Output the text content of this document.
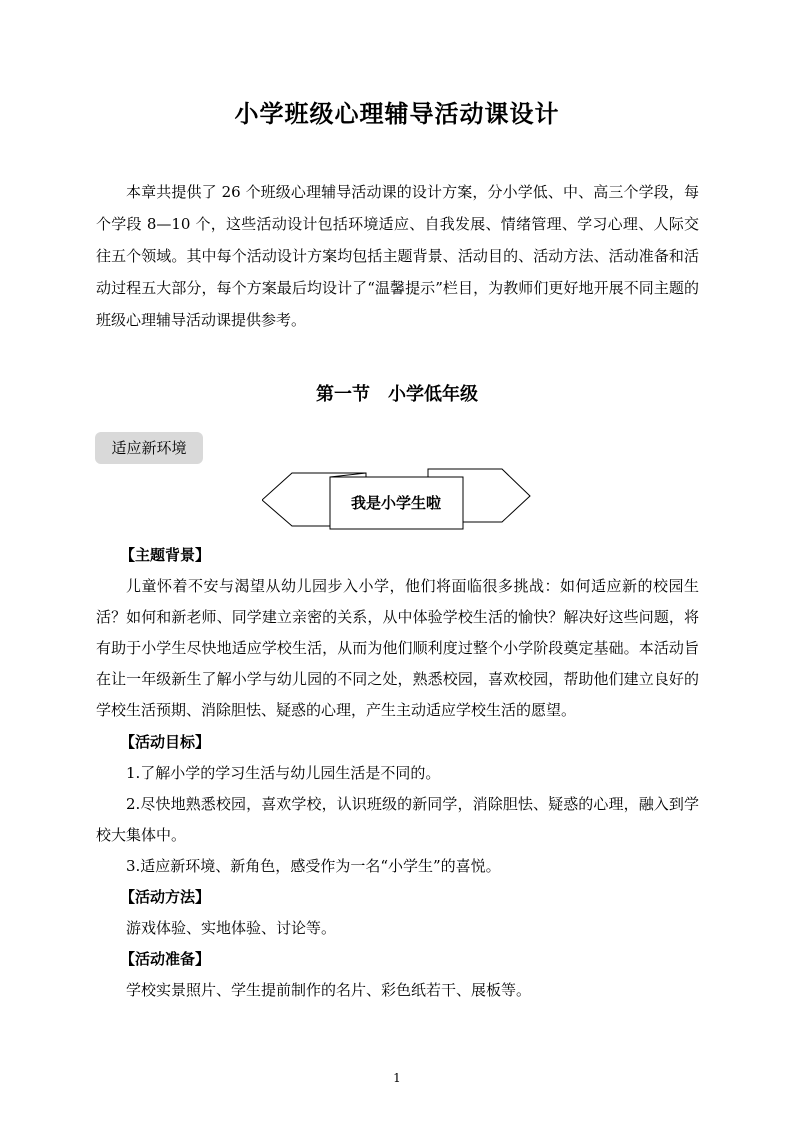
小学班级心理辅导活动课设计

本章共提供了 26 个班级心理辅导活动课的设计方案，分小学低、中、高三个学段，每个学段 8—10 个，这些活动设计包括环境适应、自我发展、情绪管理、学习心理、人际交往五个领域。其中每个活动设计方案均包括主题背景、活动目的、活动方法、活动准备和活动过程五大部分，每个方案最后均设计了“温馨提示”栏目，为教师们更好地开展不同主题的班级心理辅导活动课提供参考。

第一节　小学低年级
适应新环境
我是小学生啦

【主题背景】

儿童怀着不安与渴望从幼儿园步入小学，他们将面临很多挑战：如何适应新的校园生活？如何和新老师、同学建立亲密的关系，从中体验学校生活的愉快？解决好这些问题，将有助于小学生尽快地适应学校生活，从而为他们顺利度过整个小学阶段奠定基础。本活动旨在让一年级新生了解小学与幼儿园的不同之处，熟悉校园，喜欢校园，帮助他们建立良好的学校生活预期、消除胆怯、疑惑的心理，产生主动适应学校生活的愿望。

【活动目标】

1.了解小学的学习生活与幼儿园生活是不同的。

2.尽快地熟悉校园，喜欢学校，认识班级的新同学，消除胆怯、疑惑的心理，融入到学校大集体中。

3.适应新环境、新角色，感受作为一名“小学生”的喜悦。

【活动方法】

游戏体验、实地体验、讨论等。

【活动准备】

学校实景照片、学生提前制作的名片、彩色纸若干、展板等。

1
